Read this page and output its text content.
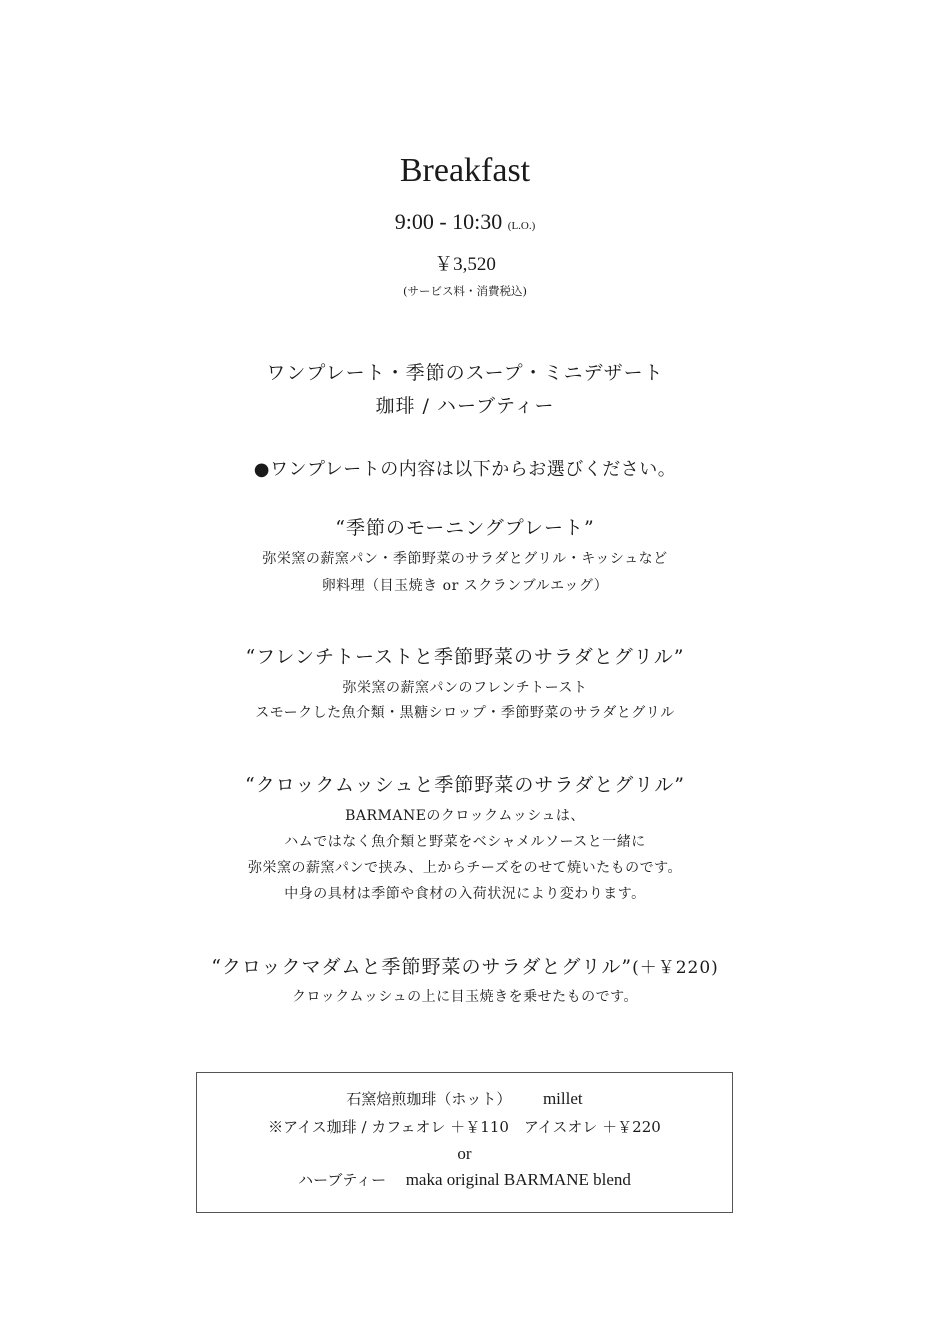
Breakfast
9:00 - 10:30 (L.O.)
￥3,520
(サービス料・消費税込)
ワンプレート・季節のスープ・ミニデザート
珈琲 / ハーブティー
●ワンプレートの内容は以下からお選びください。
“季節のモーニングプレート”
弥栄窯の薪窯パン・季節野菜のサラダとグリル・キッシュなど
卵料理（目玉焼き or スクランブルエッグ）
“フレンチトーストと季節野菜のサラダとグリル”
弥栄窯の薪窯パンのフレンチトースト
スモークした魚介類・黒糖シロップ・季節野菜のサラダとグリル
“クロックムッシュと季節野菜のサラダとグリル”
BARMANEのクロックムッシュは、
ハムではなく魚介類と野菜をベシャメルソースと一緒に
弥栄窯の薪窯パンで挟み、上からチーズをのせて焼いたものです。
中身の具材は季節や食材の入荷状況により変わります。
“クロックマダムと季節野菜のサラダとグリル”(＋￥220)
クロックムッシュの上に目玉焼きを乗せたものです。
石窯焙煎珈琲（ホット） millet
※アイス珈琲 / カフェオレ ＋￥110　アイスオレ ＋￥220
or
ハーブティー maka original BARMANE blend
